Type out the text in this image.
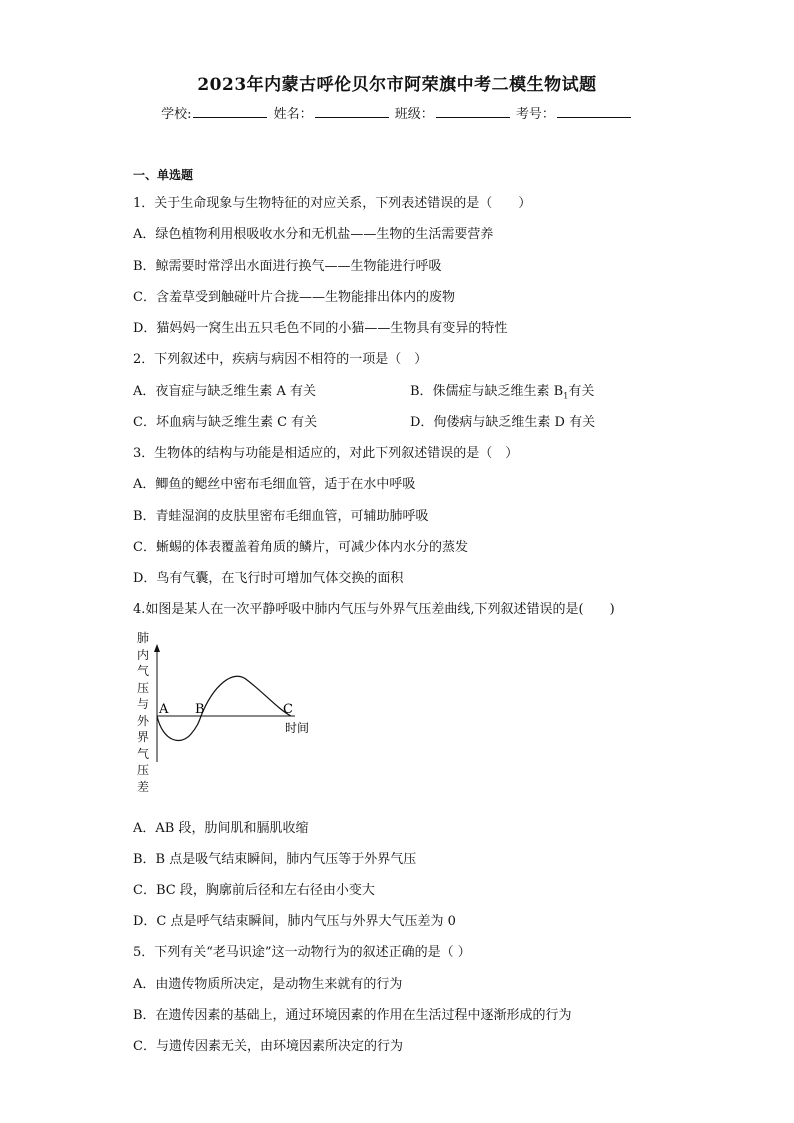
2023年内蒙古呼伦贝尔市阿荣旗中考二模生物试题
学校:	姓名：	班级：	考号：
一、单选题
1．关于生命现象与生物特征的对应关系，下列表述错误的是（　　）
A．绿色植物利用根吸收水分和无机盐——生物的生活需要营养
B．鲸需要时常浮出水面进行换气——生物能进行呼吸
C．含羞草受到触碰叶片合拢——生物能排出体内的废物
D．猫妈妈一窝生出五只毛色不同的小猫——生物具有变异的特性
2．下列叙述中，疾病与病因不相符的一项是（　）
A．夜盲症与缺乏维生素 A 有关	B．侏儒症与缺乏维生素 $B_1$有关
C．坏血病与缺乏维生素 C 有关	D．佝偻病与缺乏维生素 D 有关
3．生物体的结构与功能是相适应的，对此下列叙述错误的是（　）
A．鲫鱼的鳃丝中密布毛细血管，适于在水中呼吸
B．青蛙湿润的皮肤里密布毛细血管，可辅助肺呼吸
C．蜥蜴的体表覆盖着角质的鳞片，可减少体内水分的蒸发
D．鸟有气囊，在飞行时可增加气体交换的面积
4.如图是某人在一次平静呼吸中肺内气压与外界气压差曲线,下列叙述错误的是(　　)
肺
内
气
压
与
外
界
气
压
差
A B	C
时间
A．AB 段，肋间肌和膈肌收缩
B．B 点是吸气结束瞬间，肺内气压等于外界气压
C．BC 段，胸廓前后径和左右径由小变大
D．C 点是呼气结束瞬间，肺内气压与外界大气压差为 0
5．下列有关“老马识途”这一动物行为的叙述正确的是（ ）
A．由遗传物质所决定，是动物生来就有的行为
B．在遗传因素的基础上，通过环境因素的作用在生活过程中逐渐形成的行为
C．与遗传因素无关，由环境因素所决定的行为
